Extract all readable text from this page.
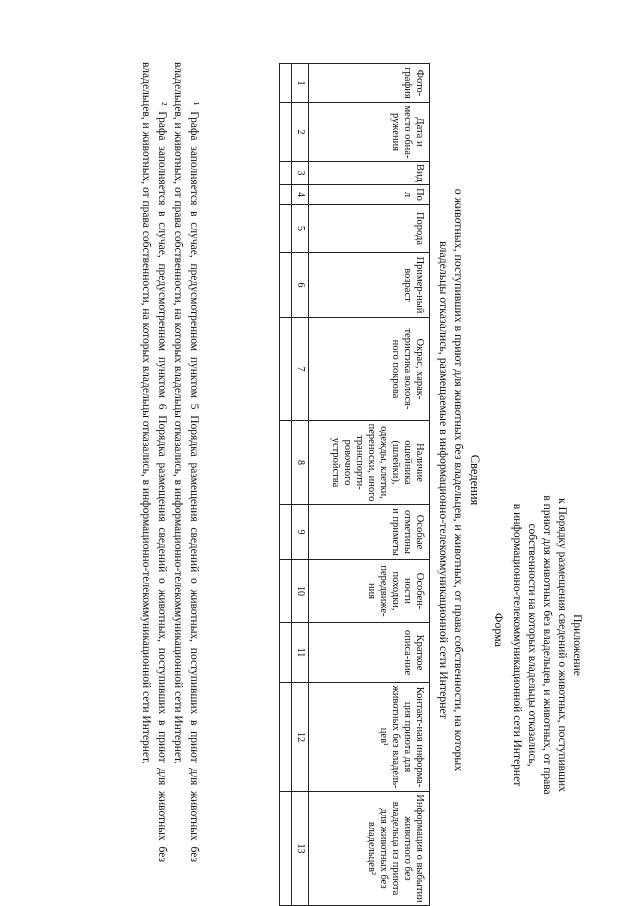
Приложение
к Порядку размещения сведений о животных, поступивших
в приют для животных без владельцев, и животных, от права
собственности на которых владельцы отказались,
в информационно-телекоммуникационной сети Интернет
Форма
Сведения
о животных, поступивших в приют для животных без владельцев, и животных, от права собственности, на которых
владельцы отказались, размещаемые в информационно-телекоммуникационной сети Интернет
Фото-графия	Дата и место обна-ружения	Вид	Пол	Порода	Пример-ный возраст	Окрас, харак-теристика волося-ного покрова	Наличие ошейника (шлейки), одежды, клетки, переноски, иного транспорти-ровочного устройства	Особые отметины и приметы	Особен-ности походки, передвиже-ния	Краткое описа-ние	Контакт-ная информа-ция приюта для животных без владель-цев¹	Информация о выбытии животного без владельца из приюта для животных без владельцев²
1	2	3	4	5	6	7	8	9	10	11	12	13

¹ Графа заполняется в случае, предусмотренном пунктом 5 Порядка размещения сведений о животных, поступивших в приют для животных без владельцев, и животных, от права собственности, на которых владельцы отказались, в информационно-телекоммуникационной сети Интернет.

² Графа заполняется в случае, предусмотренном пунктом 6 Порядка размещения сведений о животных, поступивших в приют для животных без владельцев, и животных, от права собственности, на которых владельцы отказались, в информационно-телекоммуникационной сети Интернет.
